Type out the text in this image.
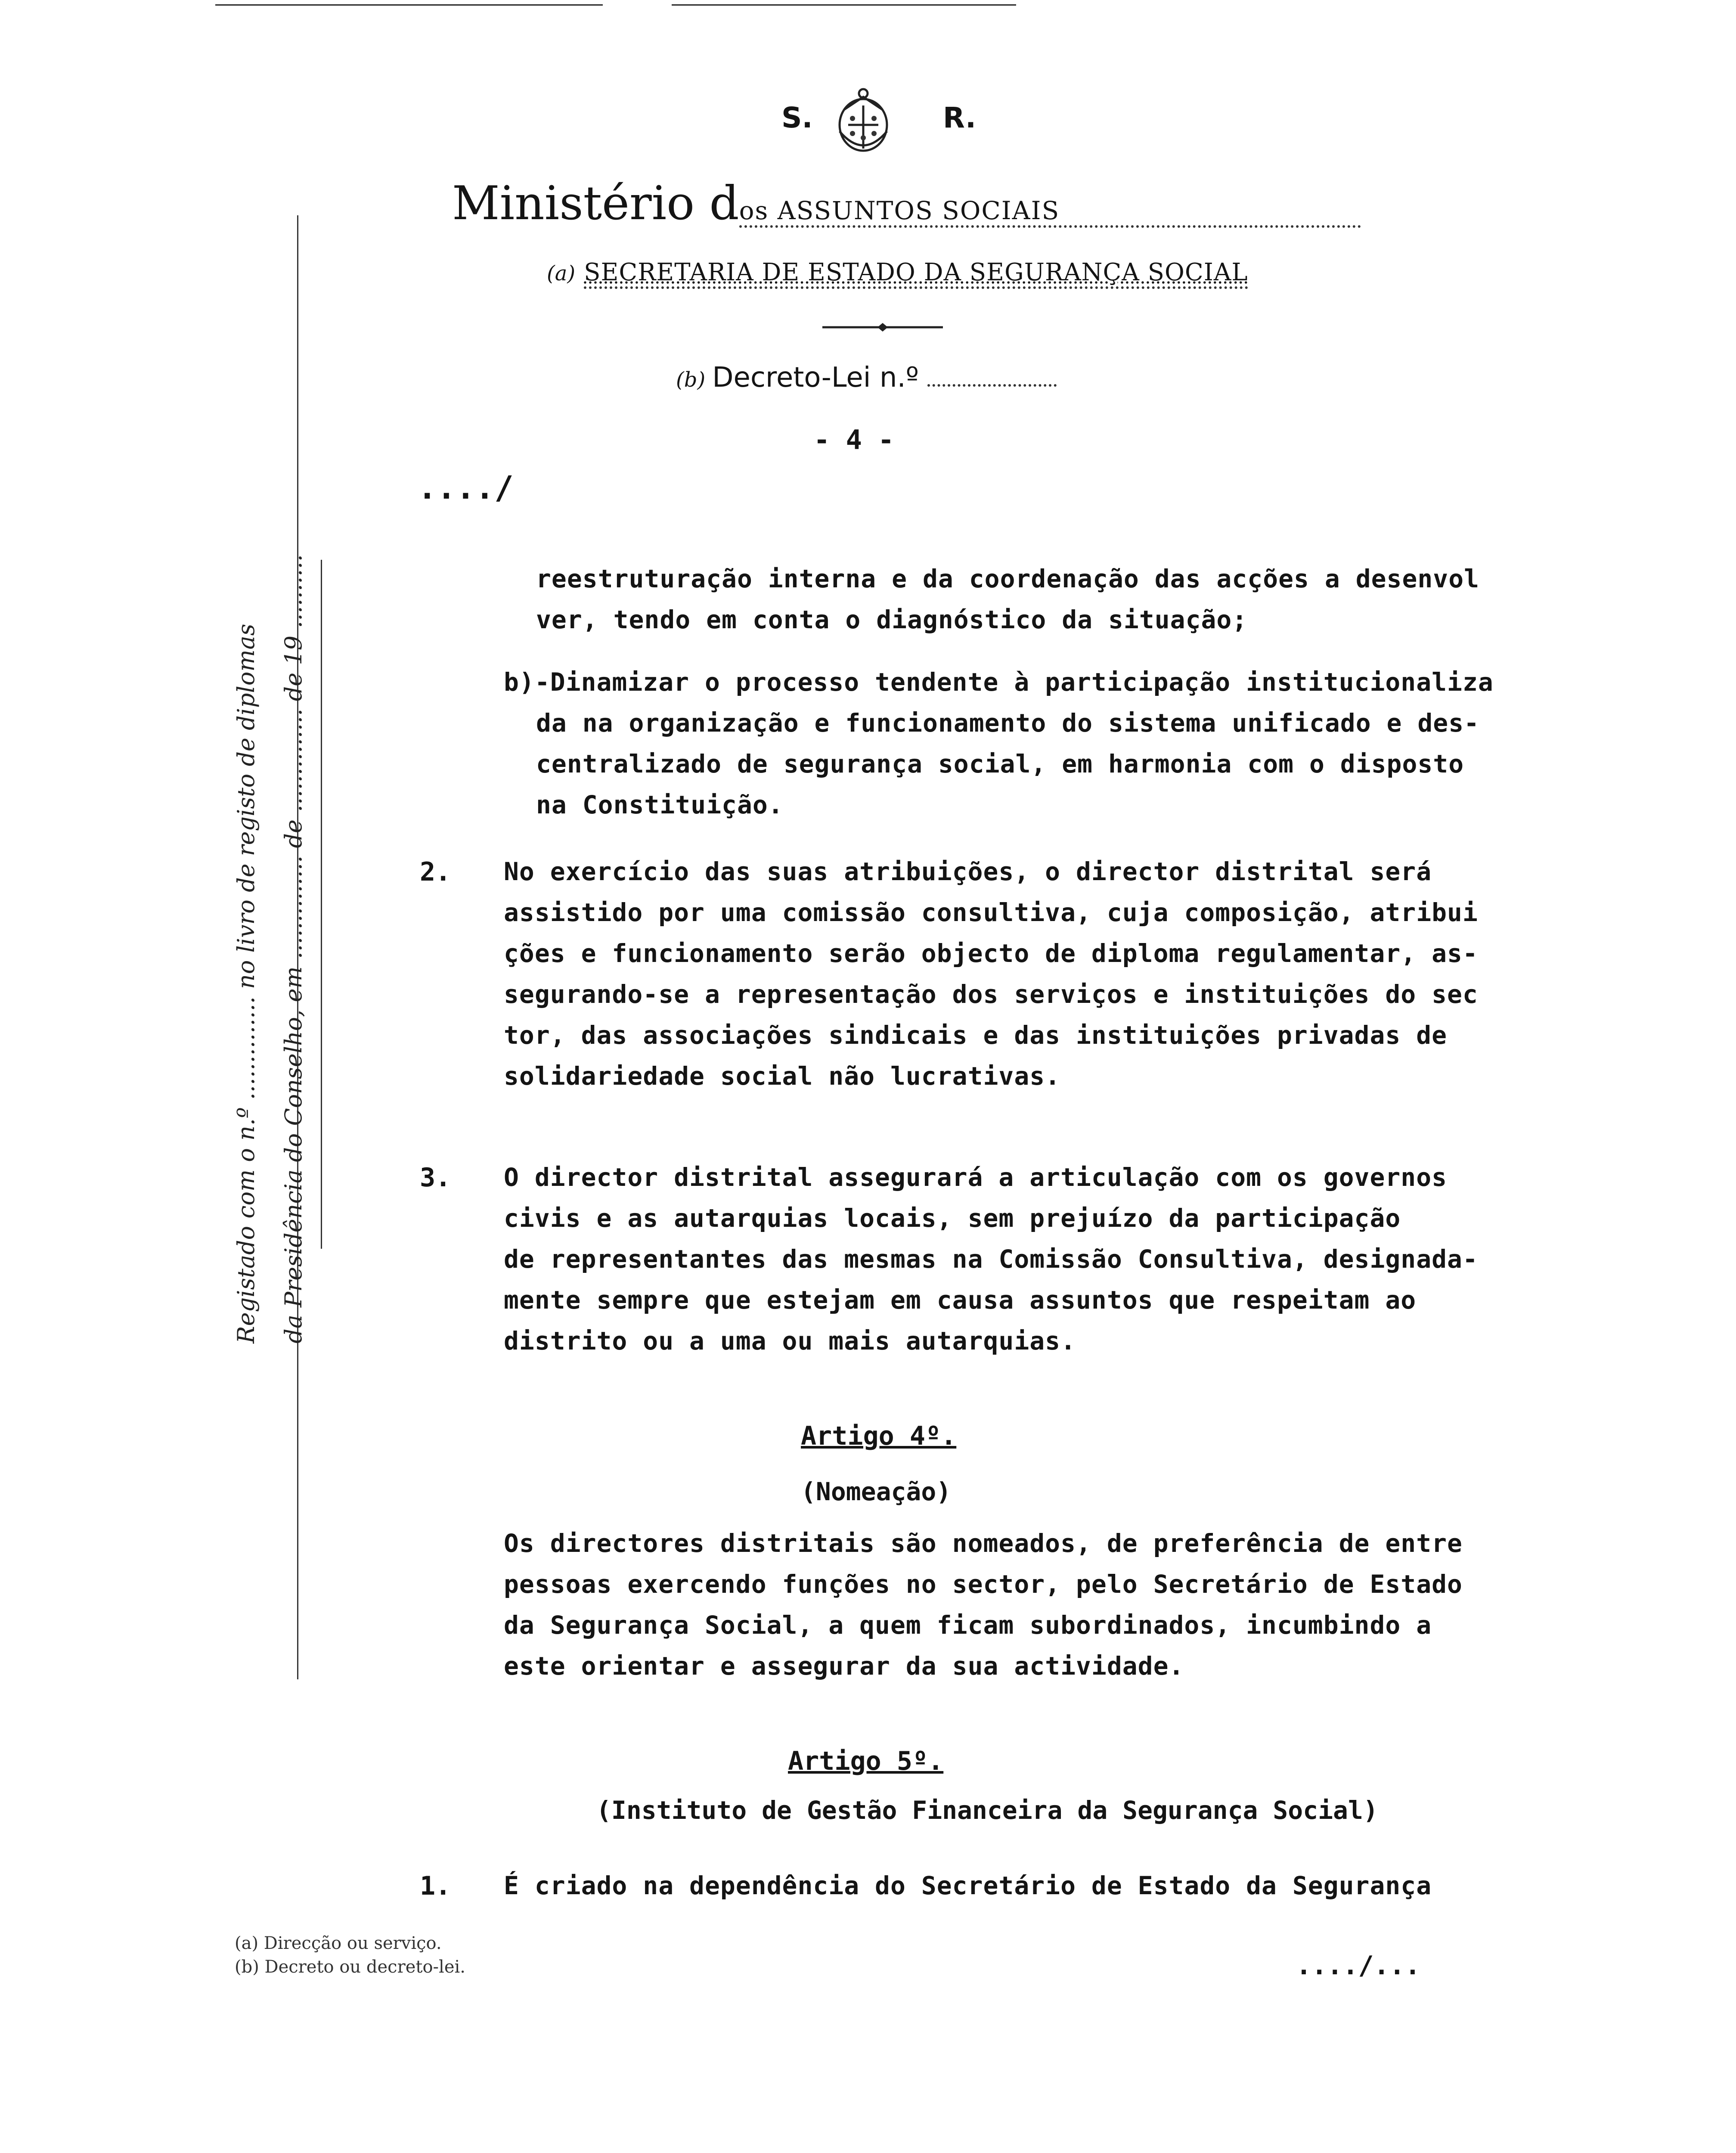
S.	R.
Ministério dos ASSUNTOS SOCIAIS
(a) SECRETARIA DE ESTADO DA SEGURANÇA SOCIAL
(b) Decreto-Lei n.º
- 4 -
..../
Registado com o n.º .............. no livro de registo de diplomas da Presidência do Conselho, em .............. de .............. de 19 ..........	reestruturação interna e da coordenação das acções a desenvol
ver, tendo em conta o diagnóstico da situação;
b)-Dinamizar o processo tendente à participação institucionaliza
da na organização e funcionamento do sistema unificado e des-
centralizado de segurança social, em harmonia com o disposto
na Constituição.
2. No exercício das suas atribuições, o director distrital será
assistido por uma comissão consultiva, cuja composição, atribui
ções e funcionamento serão objecto de diploma regulamentar, as-
segurando-se a representação dos serviços e instituições do sec
tor, das associações sindicais e das instituições privadas de
solidariedade social não lucrativas.
3. O director distrital assegurará a articulação com os governos
civis e as autarquias locais, sem prejuízo da participação
de representantes das mesmas na Comissão Consultiva, designada-
mente sempre que estejam em causa assuntos que respeitam ao
distrito ou a uma ou mais autarquias.
Artigo 4º.
(Nomeação)
Os directores distritais são nomeados, de preferência de entre
pessoas exercendo funções no sector, pelo Secretário de Estado
da Segurança Social, a quem ficam subordinados, incumbindo a
este orientar e assegurar da sua actividade.
Artigo 5º.
(Instituto de Gestão Financeira da Segurança Social)
1. É criado na dependência do Secretário de Estado da Segurança
(a) Direcção ou serviço.
(b) Decreto ou decreto-lei.	..../...
